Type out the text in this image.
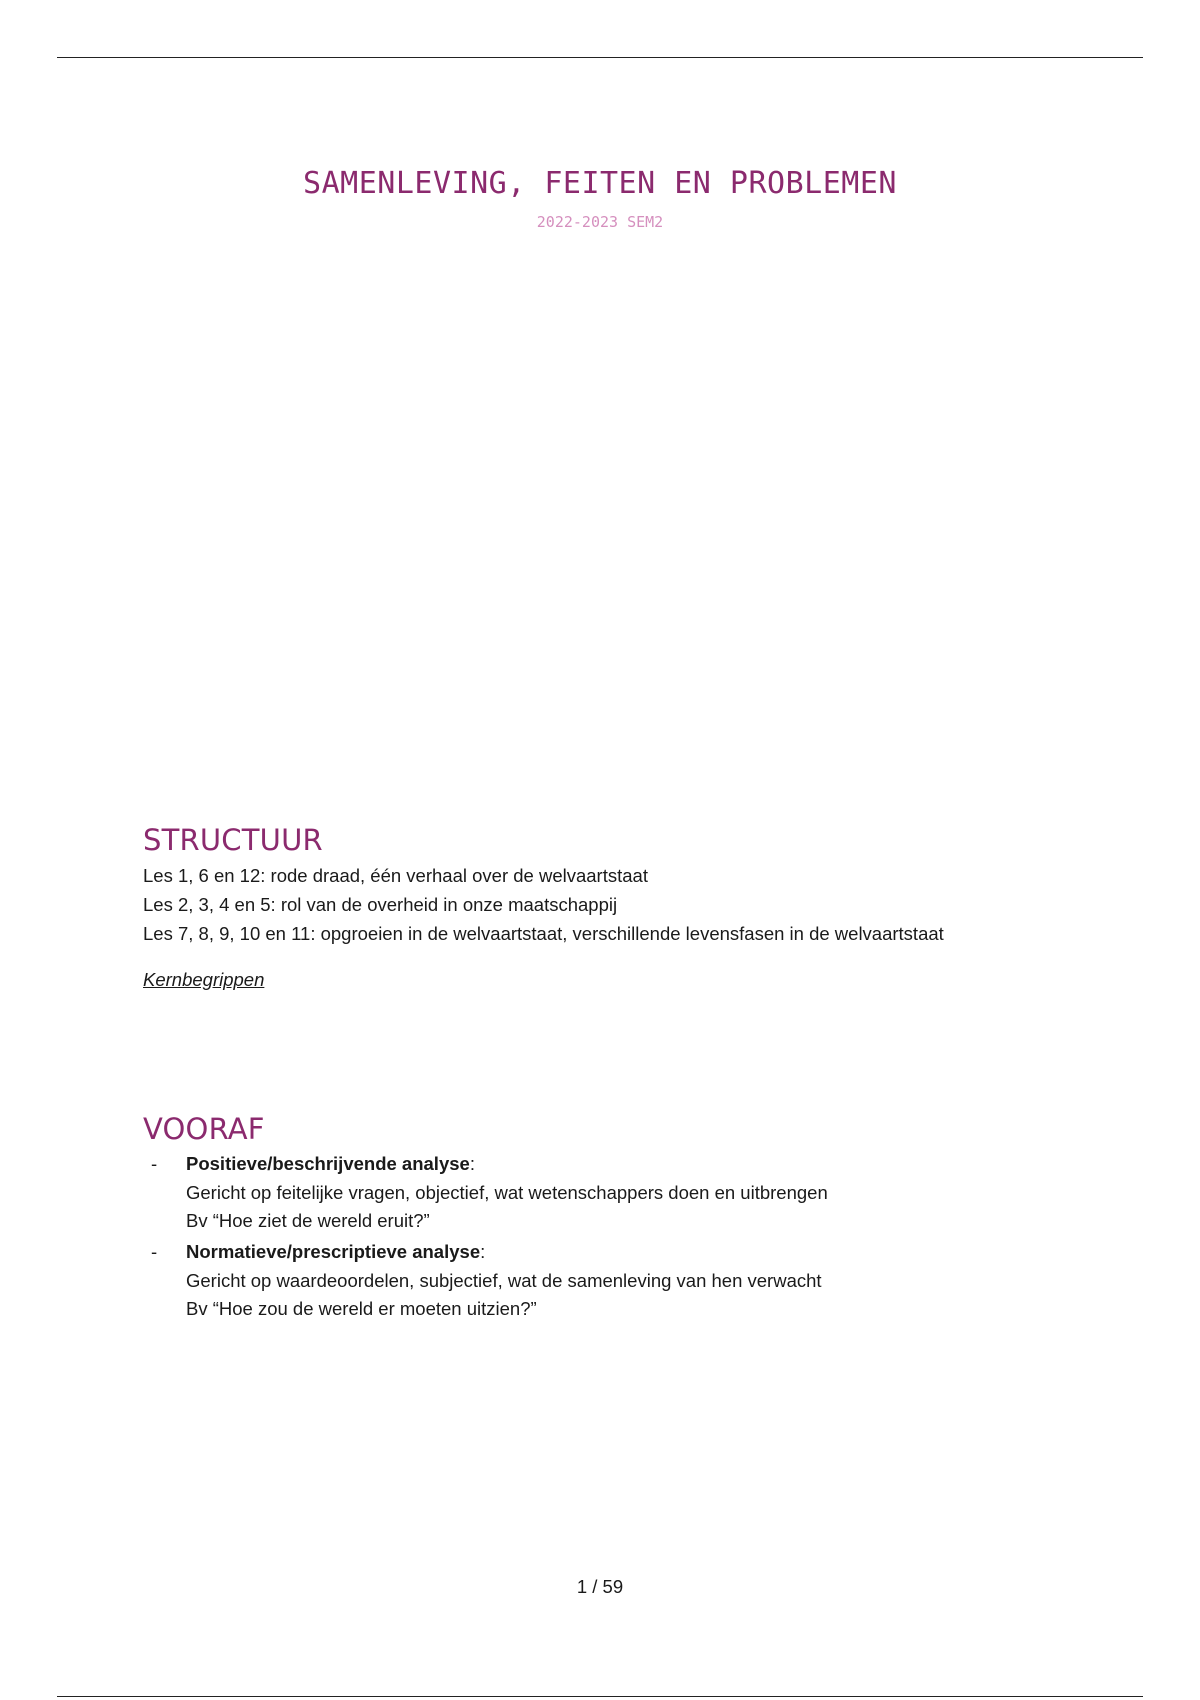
SAMENLEVING, FEITEN EN PROBLEMEN
2022-2023 SEM2
STRUCTUUR
Les 1, 6 en 12: rode draad, één verhaal over de welvaartstaat
Les 2, 3, 4 en 5: rol van de overheid in onze maatschappij
Les 7, 8, 9, 10 en 11: opgroeien in de welvaartstaat, verschillende levensfasen in de welvaartstaat
Kernbegrippen
VOORAF
- Positieve/beschrijvende analyse:
Gericht op feitelijke vragen, objectief, wat wetenschappers doen en uitbrengen
Bv “Hoe ziet de wereld eruit?”
- Normatieve/prescriptieve analyse:
Gericht op waardeoordelen, subjectief, wat de samenleving van hen verwacht
Bv “Hoe zou de wereld er moeten uitzien?”
1 / 59
